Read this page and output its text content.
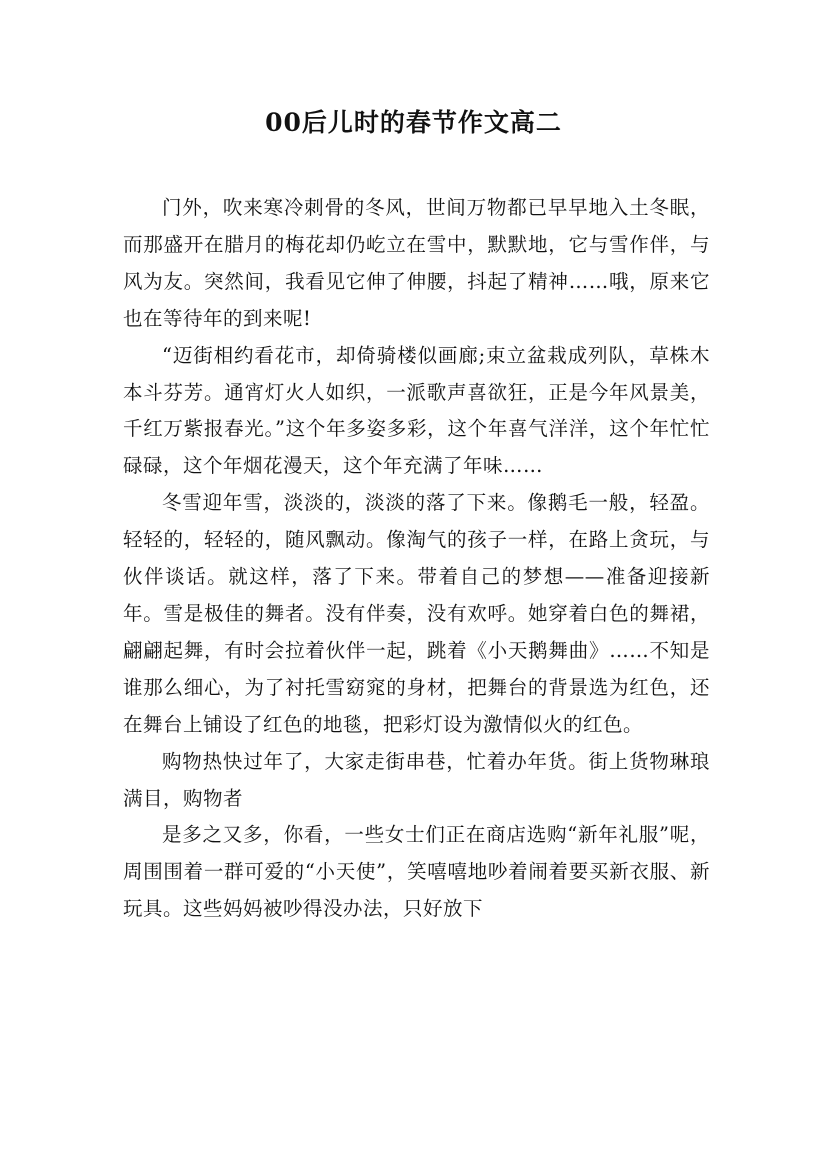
00后儿时的春节作文高二

门外，吹来寒冷刺骨的冬风，世间万物都已早早地入土冬眠，而那盛开在腊月的梅花却仍屹立在雪中，默默地，它与雪作伴，与风为友。突然间，我看见它伸了伸腰，抖起了精神……哦，原来它也在等待年的到来呢!

“迈街相约看花市，却倚骑楼似画廊;束立盆栽成列队，草株木本斗芬芳。通宵灯火人如织，一派歌声喜欲狂，正是今年风景美，千红万紫报春光。”这个年多姿多彩，这个年喜气洋洋，这个年忙忙碌碌，这个年烟花漫天，这个年充满了年味……

冬雪迎年雪，淡淡的，淡淡的落了下来。像鹅毛一般，轻盈。轻轻的，轻轻的，随风飘动。像淘气的孩子一样，在路上贪玩，与伙伴谈话。就这样，落了下来。带着自己的梦想——准备迎接新年。雪是极佳的舞者。没有伴奏，没有欢呼。她穿着白色的舞裙，翩翩起舞，有时会拉着伙伴一起，跳着《小天鹅舞曲》……不知是谁那么细心，为了衬托雪窈窕的身材，把舞台的背景选为红色，还在舞台上铺设了红色的地毯，把彩灯设为激情似火的红色。

购物热快过年了，大家走街串巷，忙着办年货。街上货物琳琅满目，购物者

是多之又多，你看，一些女士们正在商店选购“新年礼服”呢，周围围着一群可爱的“小天使”，笑嘻嘻地吵着闹着要买新衣服、新玩具。这些妈妈被吵得没办法，只好放下
